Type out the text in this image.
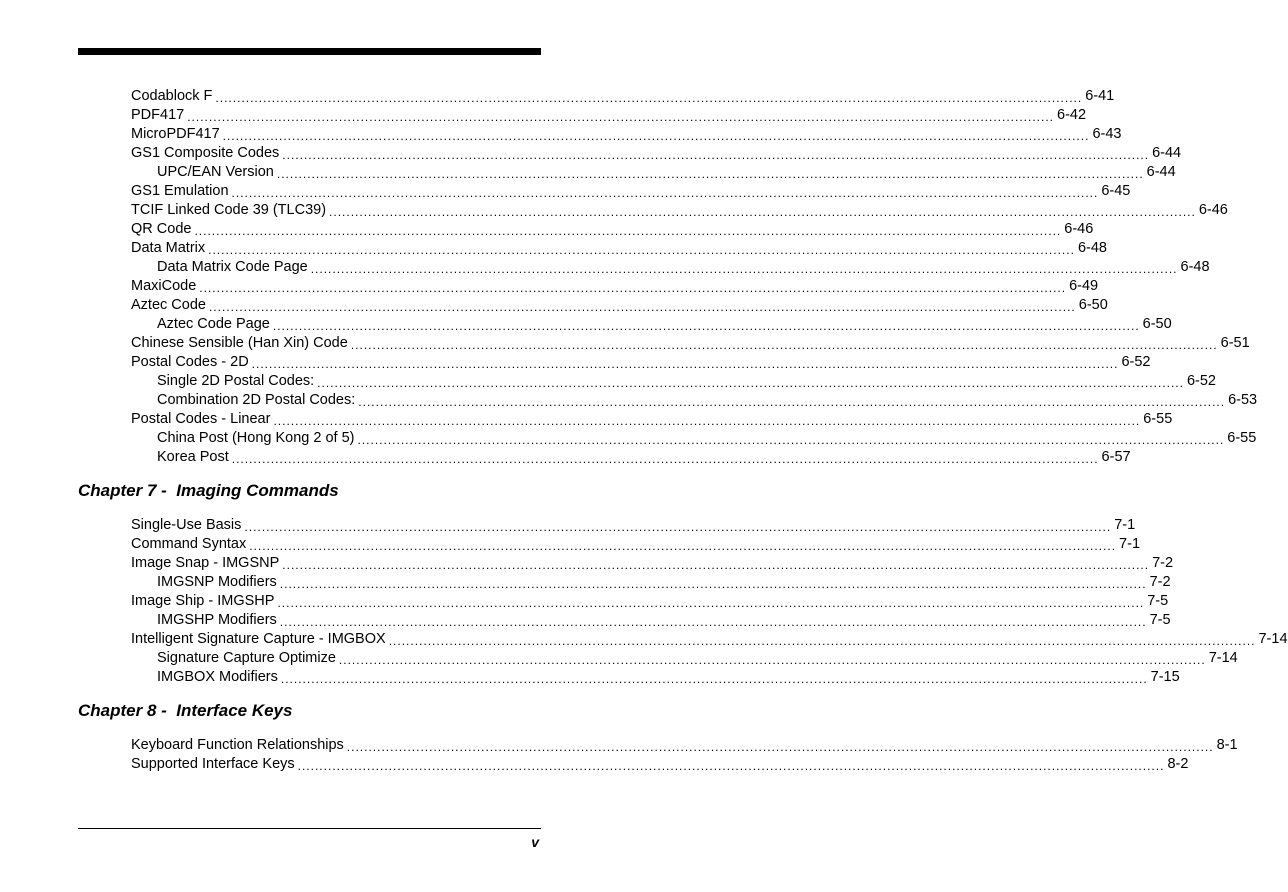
Codablock F ........................................................................................................................................................................................................ 6-41
PDF417 ........................................................................................................................................................................................................ 6-42
MicroPDF417 ........................................................................................................................................................................................................ 6-43
GS1 Composite Codes ........................................................................................................................................................................................................ 6-44
UPC/EAN Version ........................................................................................................................................................................................................ 6-44
GS1 Emulation ........................................................................................................................................................................................................ 6-45
TCIF Linked Code 39 (TLC39) ........................................................................................................................................................................................................ 6-46
QR Code ........................................................................................................................................................................................................ 6-46
Data Matrix ........................................................................................................................................................................................................ 6-48
Data Matrix Code Page ........................................................................................................................................................................................................ 6-48
MaxiCode ........................................................................................................................................................................................................ 6-49
Aztec Code ........................................................................................................................................................................................................ 6-50
Aztec Code Page ........................................................................................................................................................................................................ 6-50
Chinese Sensible (Han Xin) Code ........................................................................................................................................................................................................ 6-51
Postal Codes - 2D ........................................................................................................................................................................................................ 6-52
Single 2D Postal Codes: ........................................................................................................................................................................................................ 6-52
Combination 2D Postal Codes: ........................................................................................................................................................................................................ 6-53
Postal Codes - Linear ........................................................................................................................................................................................................ 6-55
China Post (Hong Kong 2 of 5) ........................................................................................................................................................................................................ 6-55
Korea Post ........................................................................................................................................................................................................ 6-57
Chapter 7 -  Imaging Commands
Single-Use Basis ........................................................................................................................................................................................................ 7-1
Command Syntax ........................................................................................................................................................................................................ 7-1
Image Snap - IMGSNP ........................................................................................................................................................................................................ 7-2
IMGSNP Modifiers ........................................................................................................................................................................................................ 7-2
Image Ship - IMGSHP ........................................................................................................................................................................................................ 7-5
IMGSHP Modifiers ........................................................................................................................................................................................................ 7-5
Intelligent Signature Capture - IMGBOX ........................................................................................................................................................................................................ 7-14
Signature Capture Optimize ........................................................................................................................................................................................................ 7-14
IMGBOX Modifiers ........................................................................................................................................................................................................ 7-15
Chapter 8 -  Interface Keys
Keyboard Function Relationships ........................................................................................................................................................................................................ 8-1
Supported Interface Keys ........................................................................................................................................................................................................ 8-2
v
